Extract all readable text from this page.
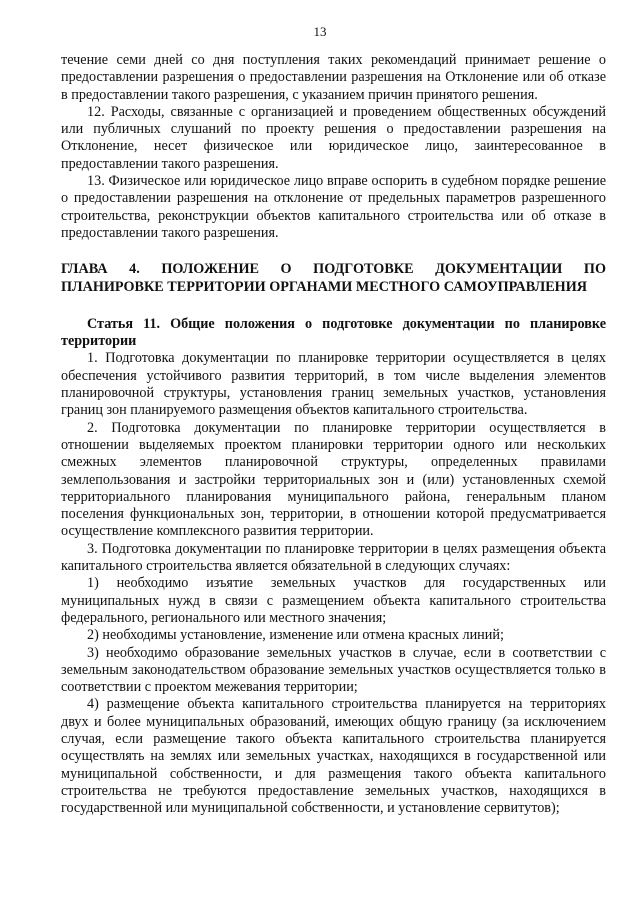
13

течение семи дней со дня поступления таких рекомендаций принимает решение о предоставлении разрешения о предоставлении разрешения на Отклонение или об отказе в предоставлении такого разрешения, с указанием причин принятого решения.

12. Расходы, связанные с организацией и проведением общественных обсуждений или публичных слушаний по проекту решения о предоставлении разрешения на Отклонение, несет физическое или юридическое лицо, заинтересованное в предоставлении такого разрешения.

13. Физическое или юридическое лицо вправе оспорить в судебном порядке решение о предоставлении разрешения на отклонение от предельных параметров разрешенного строительства, реконструкции объектов капитального строительства или об отказе в предоставлении такого разрешения.

ГЛАВА 4. ПОЛОЖЕНИЕ О ПОДГОТОВКЕ ДОКУМЕНТАЦИИ ПО

ПЛАНИРОВКЕ ТЕРРИТОРИИ ОРГАНАМИ МЕСТНОГО САМОУПРАВЛЕНИЯ

Статья 11. Общие положения о подготовке документации по планировке территории

1. Подготовка документации по планировке территории осуществляется в целях обеспечения устойчивого развития территорий, в том числе выделения элементов планировочной структуры, установления границ земельных участков, установления границ зон планируемого размещения объектов капитального строительства.

2. Подготовка документации по планировке территории осуществляется в отношении выделяемых проектом планировки территории одного или нескольких смежных элементов планировочной структуры, определенных правилами землепользования и застройки территориальных зон и (или) установленных схемой территориального планирования муниципального района, генеральным планом поселения функциональных зон, территории, в отношении которой предусматривается осуществление комплексного развития территории.

3. Подготовка документации по планировке территории в целях размещения объекта капитального строительства является обязательной в следующих случаях:

1) необходимо изъятие земельных участков для государственных или муниципальных нужд в связи с размещением объекта капитального строительства федерального, регионального или местного значения;

2) необходимы установление, изменение или отмена красных линий;

3) необходимо образование земельных участков в случае, если в соответствии с земельным законодательством образование земельных участков осуществляется только в соответствии с проектом межевания территории;

4) размещение объекта капитального строительства планируется на территориях двух и более муниципальных образований, имеющих общую границу (за исключением случая, если размещение такого объекта капитального строительства планируется осуществлять на землях или земельных участках, находящихся в государственной или муниципальной собственности, и для размещения такого объекта капитального строительства не требуются предоставление земельных участков, находящихся в государственной или муниципальной собственности, и установление сервитутов);
